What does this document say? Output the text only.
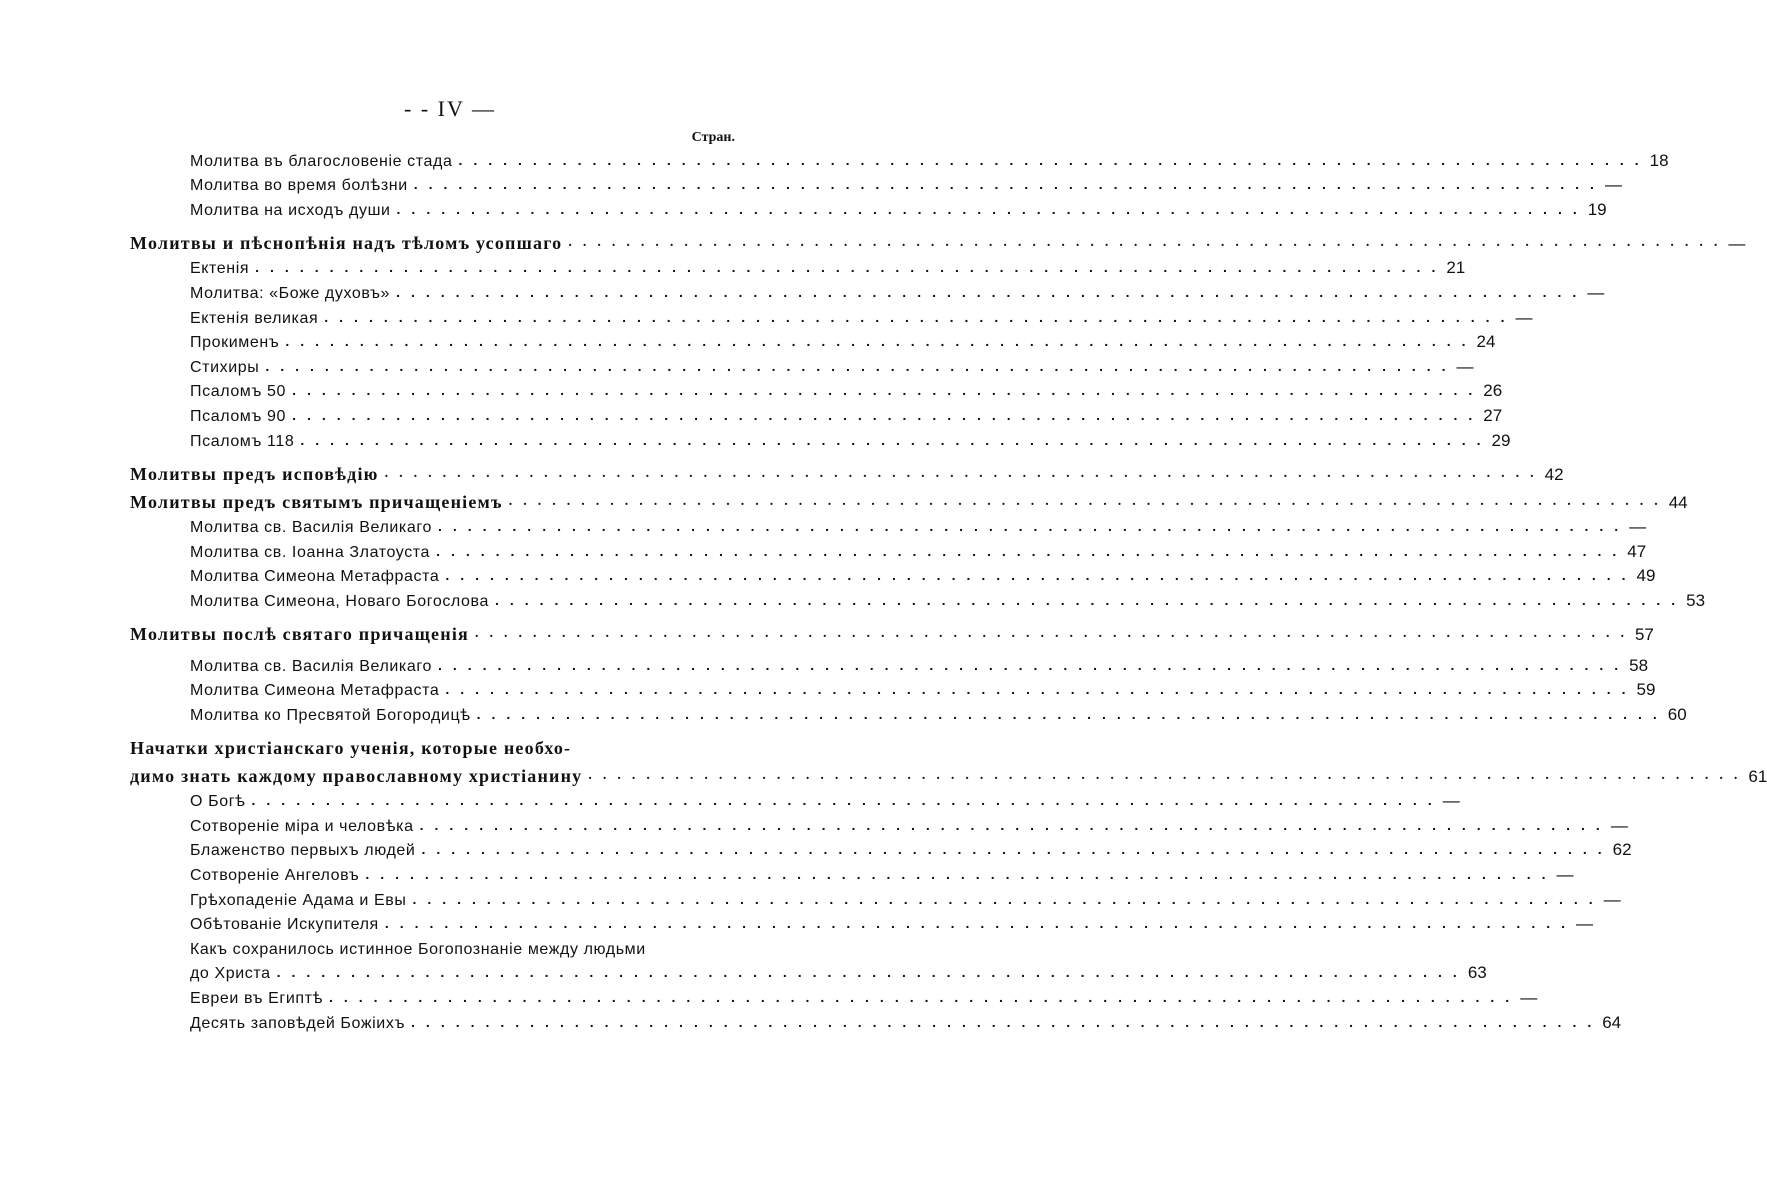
- - IV —
Стран.
Молитва въ благословеніе стада ................................................................................ 18
Молитва во время болѣзни ................................................................................ —
Молитва на исходъ души ................................................................................ 19
Молитвы и пѣснопѣнія надъ тѣломъ усопшаго ................................................................................ —
Ектенія ................................................................................ 21
Молитва: «Боже духовъ» ................................................................................ —
Ектенія великая ................................................................................ —
Прокименъ ................................................................................ 24
Стихиры ................................................................................ —
Псаломъ 50 ................................................................................ 26
Псаломъ 90 ................................................................................ 27
Псаломъ 118 ................................................................................ 29
Молитвы предъ исповѣдію ................................................................................ 42
Молитвы предъ святымъ причащеніемъ ................................................................................ 44
Молитва св. Василія Великаго ................................................................................ —
Молитва св. Іоанна Златоуста ................................................................................ 47
Молитва Симеона Метафраста ................................................................................ 49
Молитва Симеона, Новаго Богослова ................................................................................ 53
Молитвы послѣ святаго причащенія ................................................................................ 57
Молитва св. Василія Великаго ................................................................................ 58
Молитва Симеона Метафраста ................................................................................ 59
Молитва ко Пресвятой Богородицѣ ................................................................................ 60
Начатки христіанскаго ученія, которые необхо-
димо знать каждому православному христіанину ................................................................................ 61
О Богѣ ................................................................................ —
Сотвореніе міра и человѣка ................................................................................ —
Блаженство первыхъ людей ................................................................................ 62
Сотвореніе Ангеловъ ................................................................................ —
Грѣхопаденіе Адама и Евы ................................................................................ —
Обѣтованіе Искупителя ................................................................................ —
Какъ сохранилось истинное Богопознаніе между людьми
до Христа ................................................................................ 63
Евреи въ Египтѣ ................................................................................ —
Десять заповѣдей Божіихъ ................................................................................ 64
